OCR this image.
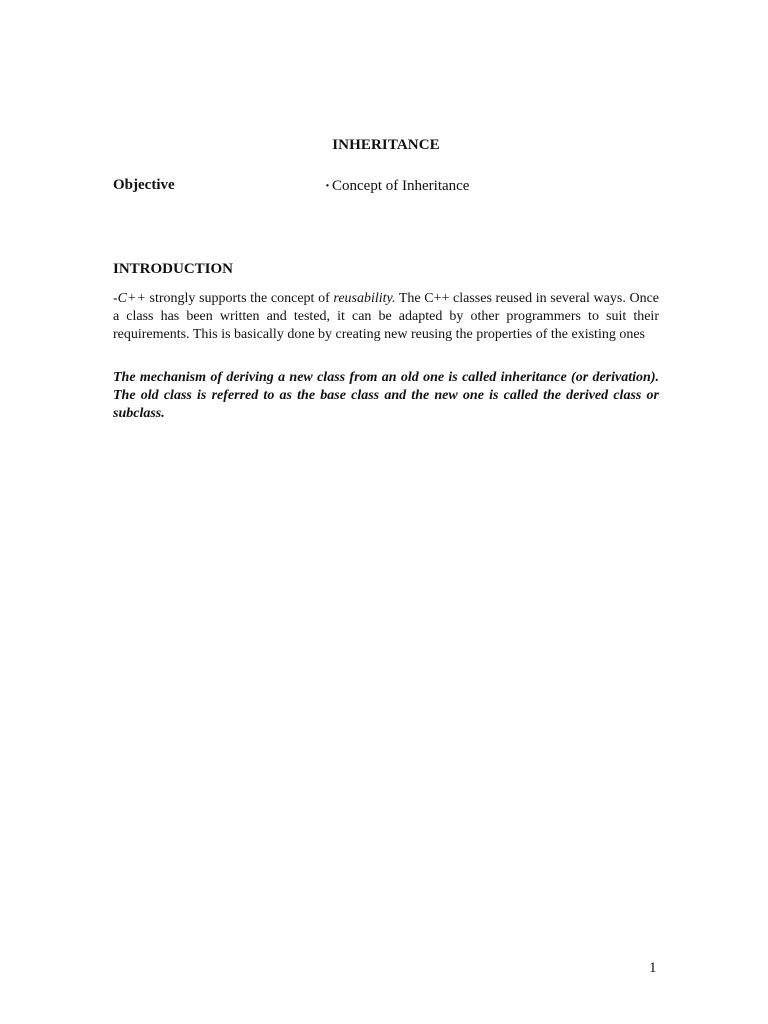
INHERITANCE
Objective	· Concept of Inheritance
INTRODUCTION

-C++ strongly supports the concept of reusability. The C++ classes reused in several ways. Once a class has been written and tested, it can be adapted by other programmers to suit their requirements. This is basically done by creating new reusing the properties of the existing ones

The mechanism of deriving a new class from an old one is called inheritance (or derivation). The old class is referred to as the base class and the new one is called the derived class or subclass.

1
